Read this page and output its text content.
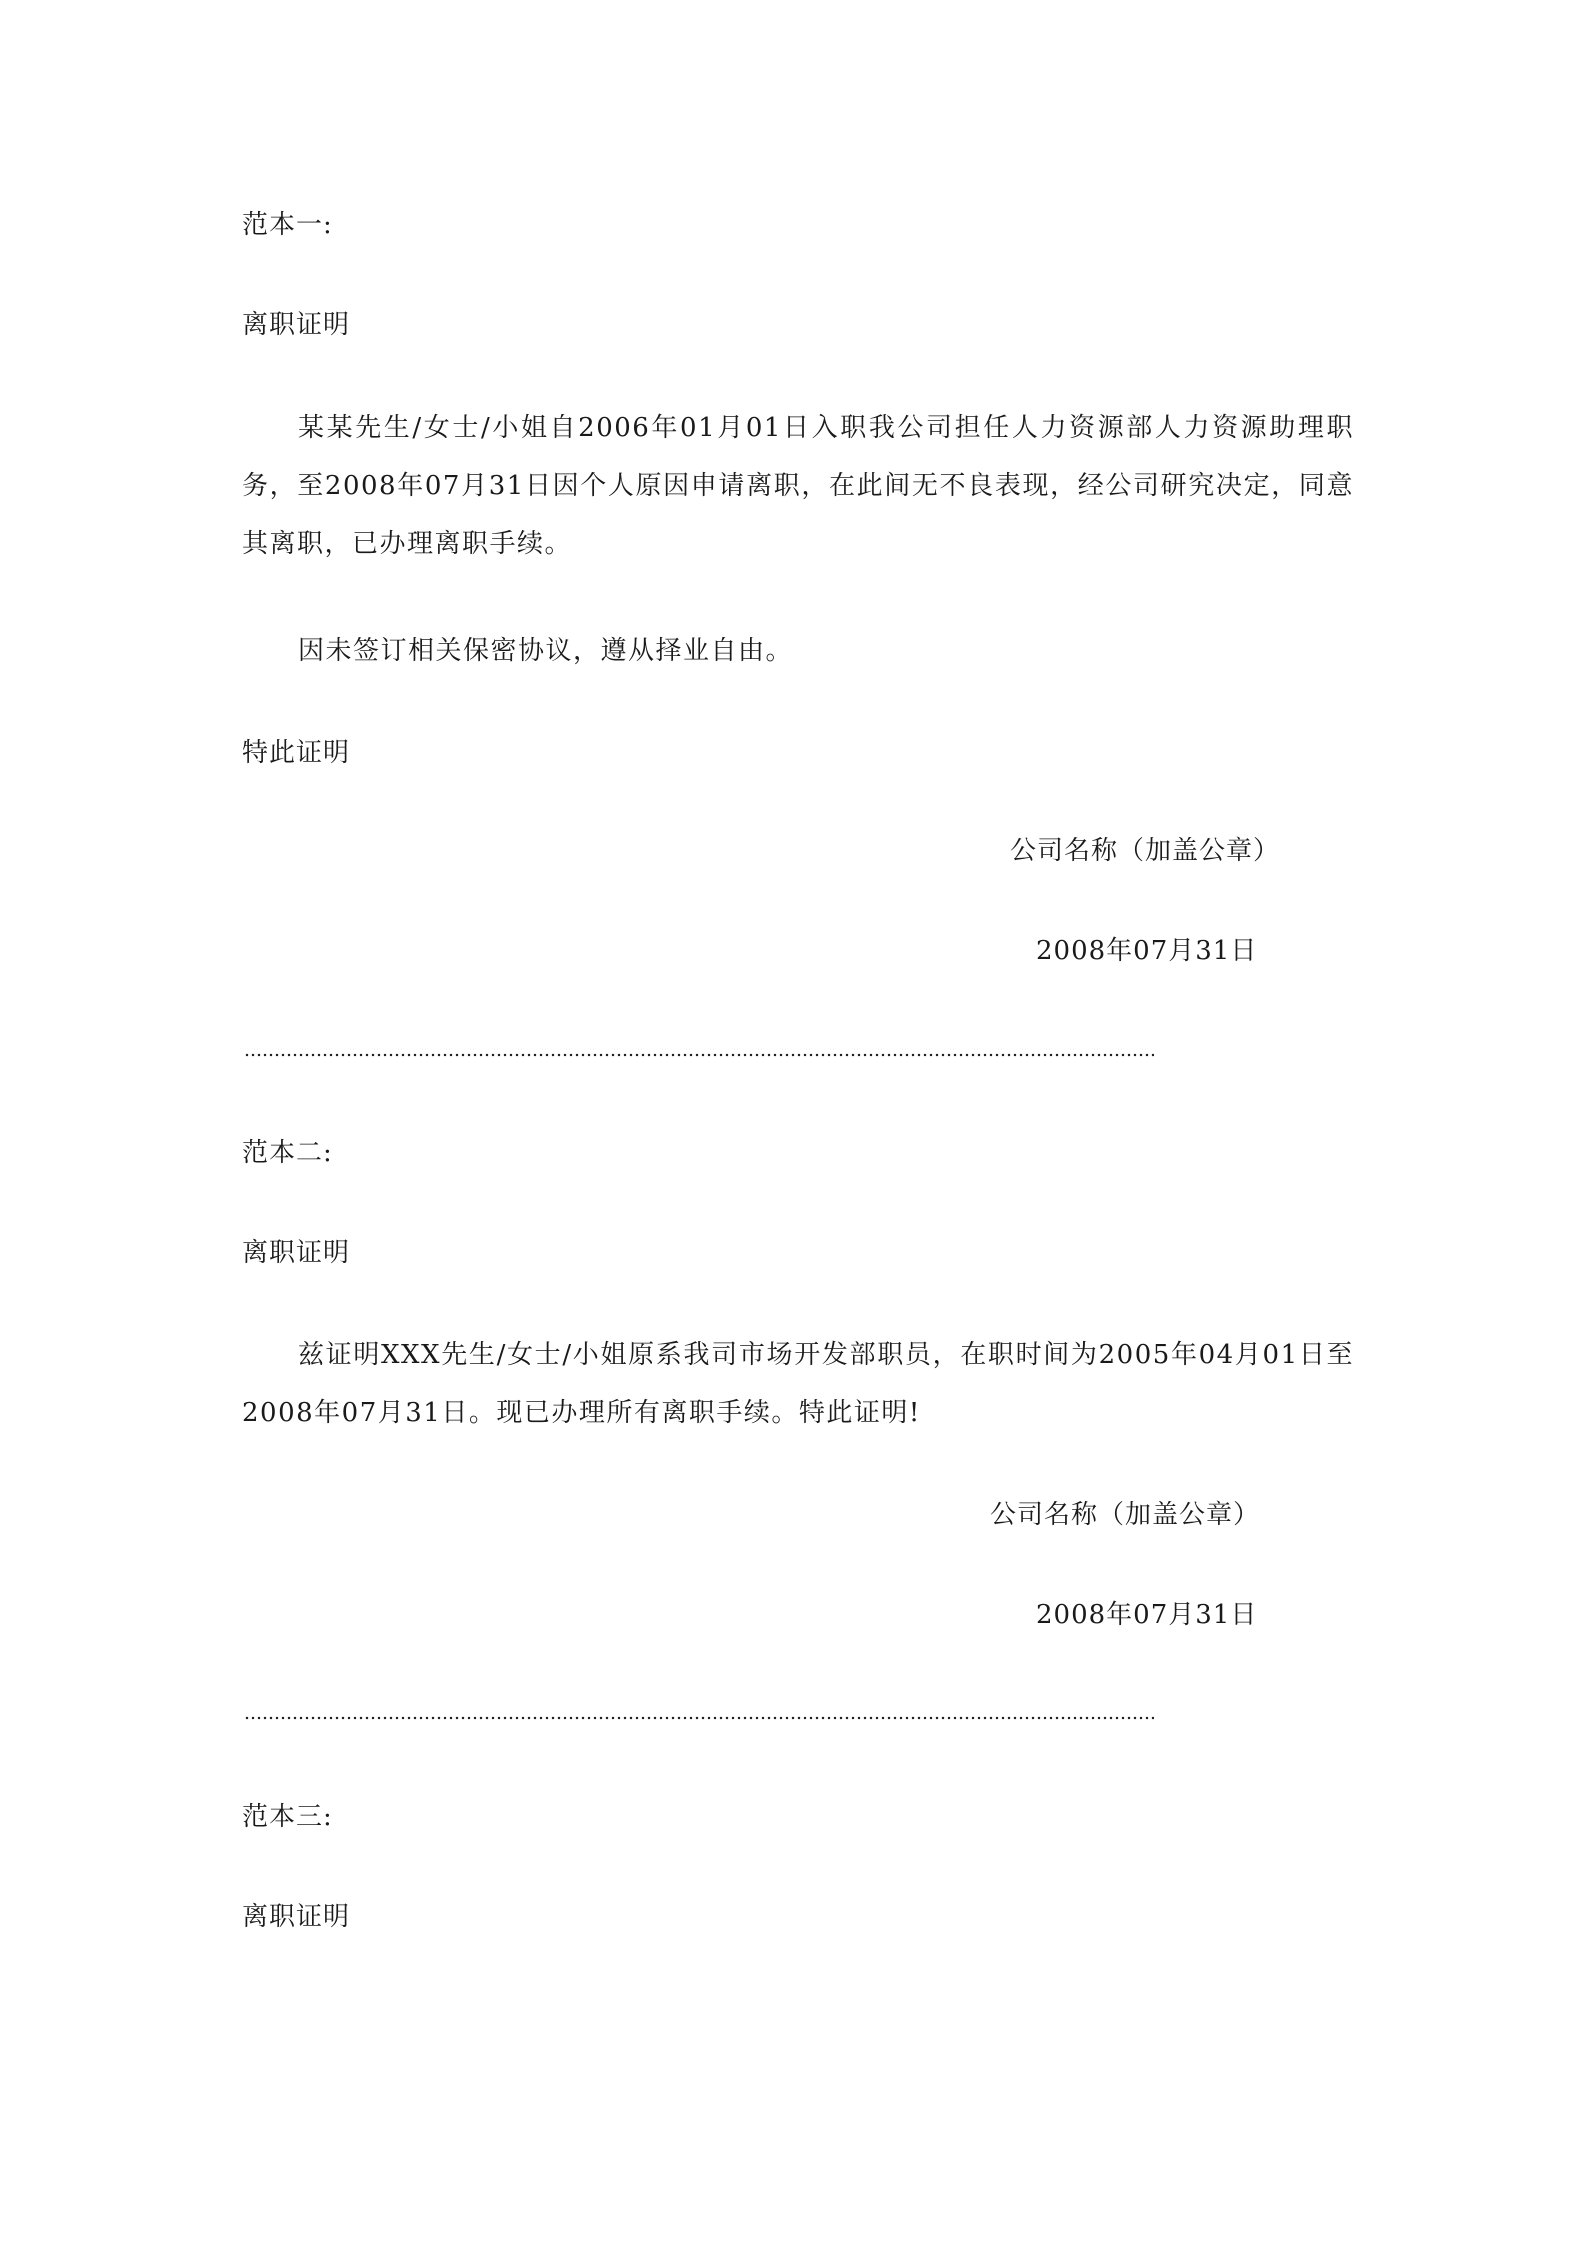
范本一:
离职证明
某某先生/女士/小姐自2006年01月01日入职我公司担任人力资源部人力资源助理职务，至2008年07月31日因个人原因申请离职，在此间无不良表现，经公司研究决定，同意其离职，已办理离职手续。
因未签订相关保密协议，遵从择业自由。
特此证明
公司名称（加盖公章）
2008年07月31日
范本二:
离职证明
兹证明XXX先生/女士/小姐原系我司市场开发部职员，在职时间为2005年04月01日至2008年07月31日。现已办理所有离职手续。特此证明!
公司名称（加盖公章）
2008年07月31日
范本三:
离职证明
